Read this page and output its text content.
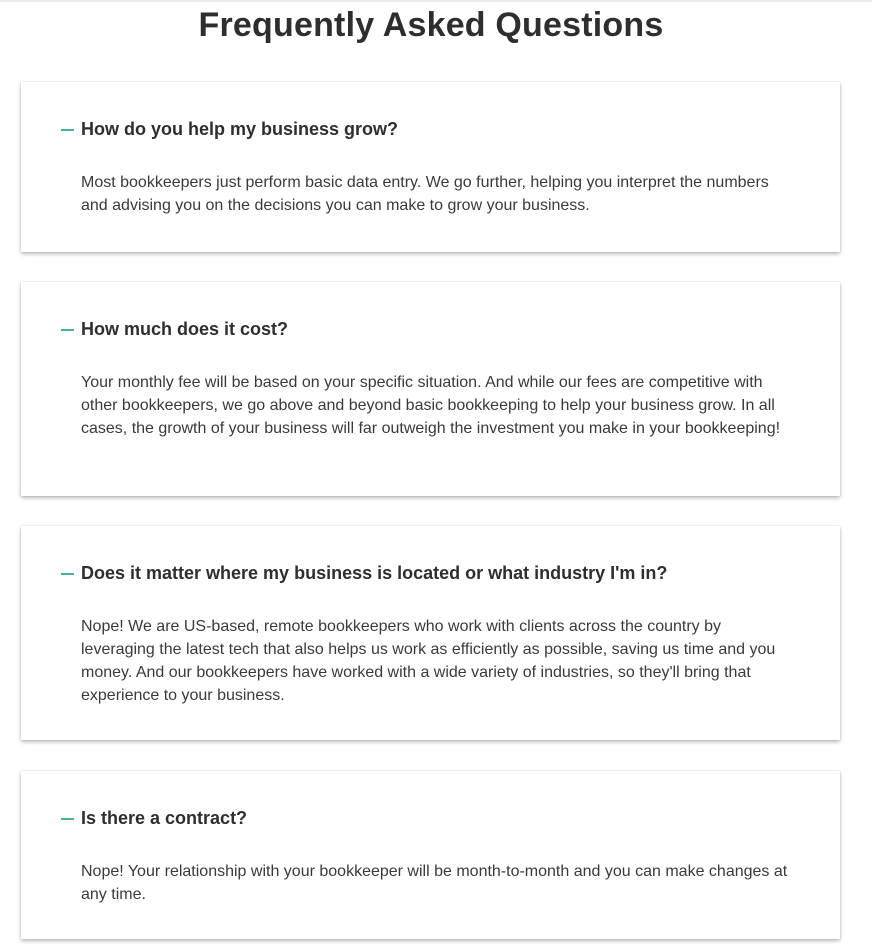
Frequently Asked Questions
How do you help my business grow?

Most bookkeepers just perform basic data entry. We go further, helping you interpret the numbers and advising you on the decisions you can make to grow your business.

How much does it cost?

Your monthly fee will be based on your specific situation. And while our fees are competitive with other bookkeepers, we go above and beyond basic bookkeeping to help your business grow. In all cases, the growth of your business will far outweigh the investment you make in your bookkeeping!

Does it matter where my business is located or what industry I'm in?

Nope! We are US-based, remote bookkeepers who work with clients across the country by leveraging the latest tech that also helps us work as efficiently as possible, saving us time and you money. And our bookkeepers have worked with a wide variety of industries, so they'll bring that experience to your business.

Is there a contract?

Nope! Your relationship with your bookkeeper will be month-to-month and you can make changes at any time.
